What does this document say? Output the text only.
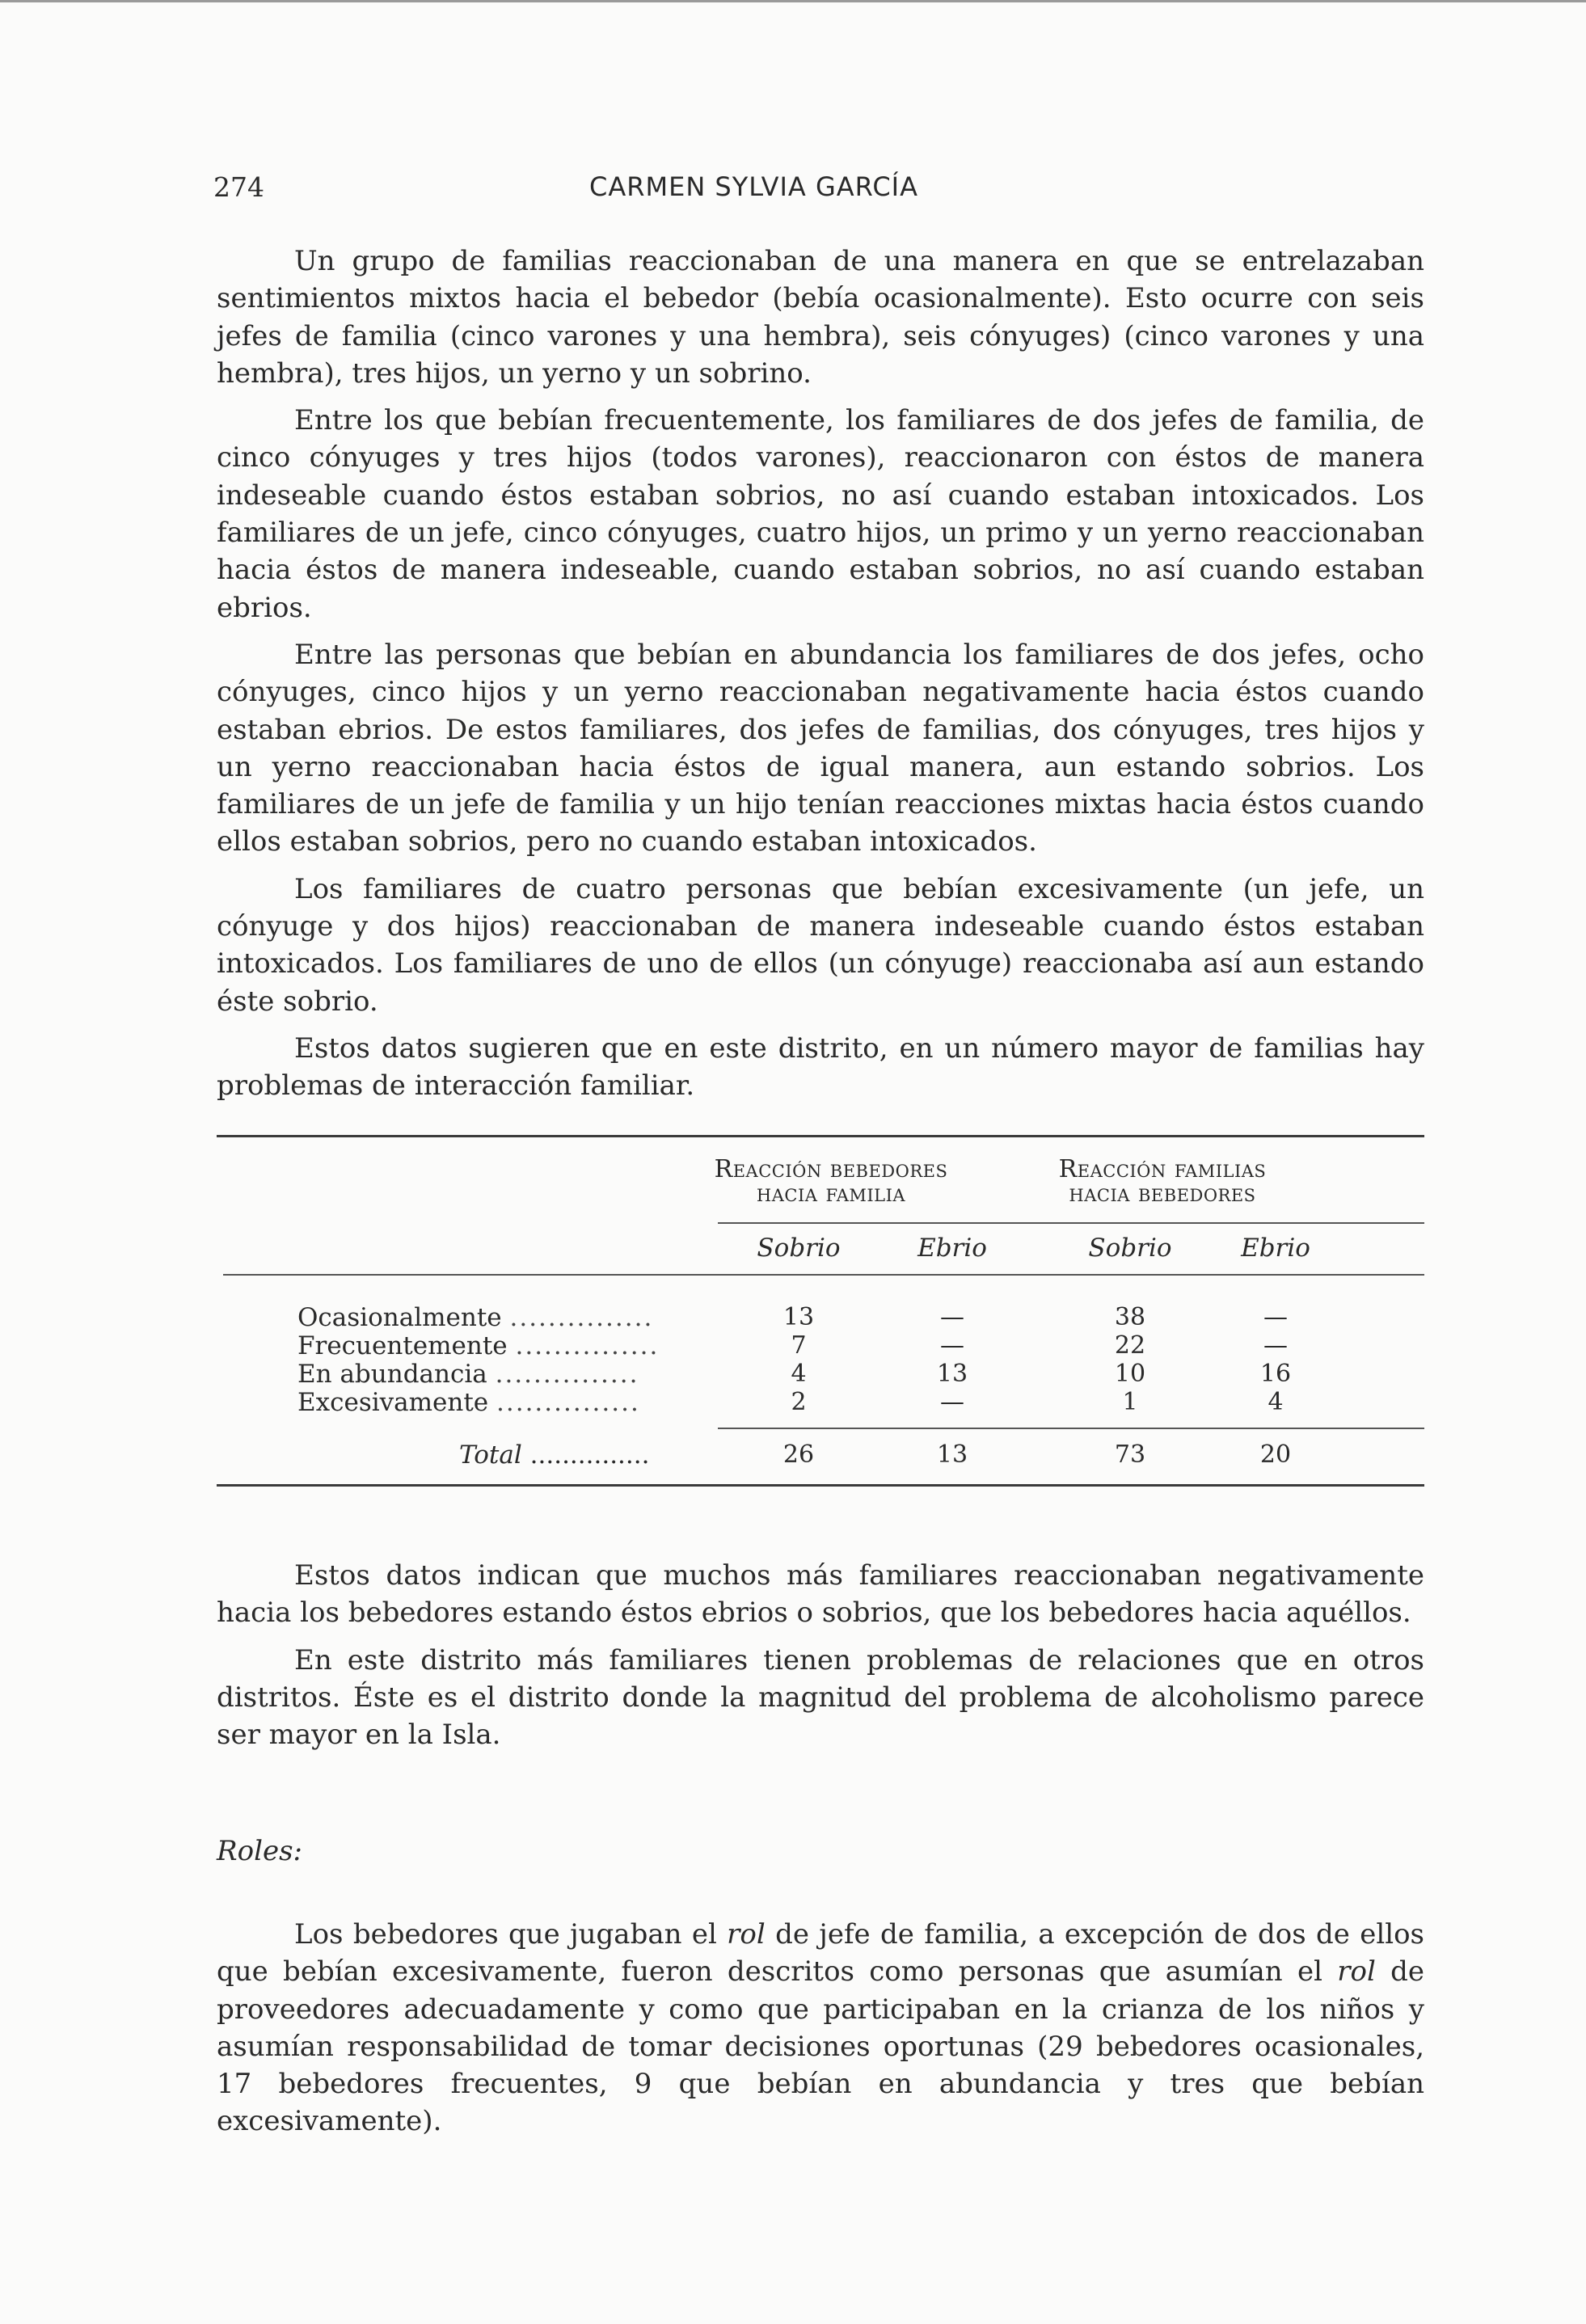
274	CARMEN SYLVIA GARCÍA

Un grupo de familias reaccionaban de una manera en que se entrelazaban sentimientos mixtos hacia el bebedor (bebía ocasionalmente). Esto ocurre con seis jefes de familia (cinco varones y una hembra), seis cónyuges) (cinco varones y una hembra), tres hijos, un yerno y un sobrino.

Entre los que bebían frecuentemente, los familiares de dos jefes de familia, de cinco cónyuges y tres hijos (todos varones), reaccionaron con éstos de manera indeseable cuando éstos estaban sobrios, no así cuando estaban intoxicados. Los familiares de un jefe, cinco cónyuges, cuatro hijos, un primo y un yerno reaccionaban hacia éstos de manera indeseable, cuando estaban sobrios, no así cuando estaban ebrios.

Entre las personas que bebían en abundancia los familiares de dos jefes, ocho cónyuges, cinco hijos y un yerno reaccionaban negativamente hacia éstos cuando estaban ebrios. De estos familiares, dos jefes de familias, dos cónyuges, tres hijos y un yerno reaccionaban hacia éstos de igual manera, aun estando sobrios. Los familiares de un jefe de familia y un hijo tenían reacciones mixtas hacia éstos cuando ellos estaban sobrios, pero no cuando estaban intoxicados.

Los familiares de cuatro personas que bebían excesivamente (un jefe, un cónyuge y dos hijos) reaccionaban de manera indeseable cuando éstos estaban intoxicados. Los familiares de uno de ellos (un cónyuge) reaccionaba así aun estando éste sobrio.

Estos datos sugieren que en este distrito, en un número mayor de familias hay problemas de interacción familiar.

Reacción bebedores
hacia familia
Reacción familias
hacia bebedores
Sobrio	Ebrio	Sobrio	Ebrio
Ocasionalmente ...............	13	—	38	—
Frecuentemente ...............	7	—	22	—
En abundancia ...............	4	13	10	16
Excesivamente ...............	2	—	1	4
Total ...............	26	13	73	20

Estos datos indican que muchos más familiares reaccionaban negativamente hacia los bebedores estando éstos ebrios o sobrios, que los bebedores hacia aquéllos.

En este distrito más familiares tienen problemas de relaciones que en otros distritos. Éste es el distrito donde la magnitud del problema de alcoholismo parece ser mayor en la Isla.

Roles:

Los bebedores que jugaban el rol de jefe de familia, a excepción de dos de ellos que bebían excesivamente, fueron descritos como personas que asumían el rol de proveedores adecuadamente y como que participaban en la crianza de los niños y asumían responsabilidad de tomar decisiones oportunas (29 bebedores ocasionales, 17 bebedores frecuentes, 9 que bebían en abundancia y tres que bebían excesivamente).
